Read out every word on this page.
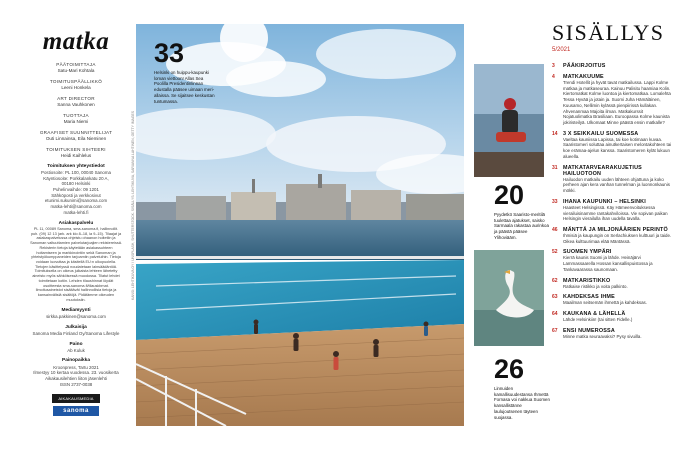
matka
PÄÄTOIMITTAJA
Satu-Mari Kohtala
TOIMITUSPÄÄLLIKKÖ
Leeni Honkela
ART DIRECTOR
Sanna Vauhkonen
TUOTTAJA
Maria Niemi
GRAAFISET SUUNNITTELIJAT
Outi Linnainsa, Eila Nieminen
TOIMITUKSEN SIHTEERI
Heidi Kaihlelus
Toimituksen yhteystiedot
Postiosoite: PL 100, 00040 Sanoma
Käyntiosoite: Porkkalankatu 20 A,
00180 Helsinki
Puhelinvaihde: 09 1201
Sähköposti ja verkkosivut
etunimi.sukunimi@sanoma.com
matka-lehti@sanoma.com
matka-lehti.fi
Asiakaspalvelu
PL 11, 00089 Sanoma, sma-sanoma.fi, hallinnollit. puh. (09) 12 13 (ark. ark klo 8–18, la 9–15). Tilaajat ja asiakaspalvelussa ohjeistu ohaanon hoitetiin ja Sanoman valtuuttamien palvelutarjoajien rekistereissä. Rekisterin tietoja käytetään asiakassuhteen hoitamiseen ja markkinointiin sekä Sanoman ja yhteistyökumppaneiden tarjoamiin palveluihin. Tietoja voidaan luovuttaa ja käsitellä EU:n ulkopuolella. Tietojen käsittelyssä noudatetaan lainsäädäntöä. Toimituksella on oikeus julkaista lehteen lähetetty aineisto myös sähköisessä muodossa. Tilatut lehdet toimitetaan kotiin. Lehden tilaushinnat löydät osoitteesta sma-sanoma.fi/tilauskbmat. Ilmoitusaineistot sisältävät hallinnollisia tietoja ja kansainvälisiä sisältöjä. Pidätämme oikeuden muutoksiin.
Mediamyynti
sirkka.pakkinen@sanoma.com
Julkaisija
Sanoma Media Finland Oy/Sanoma Lifestyle
Paino
Ab Kuluk
Painopaikka
Kroonpress, Tartu 2021
Ilmestyy 10 kertaa vuodessa. 23. vuosikerta
Aikakausilehtien liiton jäsenlehti
ISSN 2737-0038
AIKAKAUSMEDIA
sanoma
KANSI: LEHTIKUVA OY / UNSPLASH, SHUTTERSTOCK. SISÄLLYS: LEHTIKUVA, SARIANNA LAHTINEN, GETTY IMAGES
33
Helsinki on huippu-kaupunki loman viettoon! Allas Sea Poolilla Presidentinlinnan edustalla pääsee uimaan meri-allaissa. Se sijaitsee keskustan tuntumassa.
20
Pyydetkö Saaristo-meritilä tuulettaa ajatukset, saisko Sarmaala rakastaa aurinkoa ja päästä pääsee Ylihoviääm.
26
Linnuiden kamallisuudestansa Ihmettä Fornasa voi nakkua Suomen kansallistänne laulujoutsenen täyteen suojassa.
SISÄLLYS
5/2021
3	PÄÄKIRJOITUS
4	MATKAKUUME
Trendi Hotellit ja hyvät tavat matkailussa. Lappi Kolme matkaa ja matkaseuraa. Kainuu Palisitu haamiaa Kolin. Kiertomatkat Kolme luontoa ja kiertomatkaa. Lomalehta Tessa Hyvää ja jotain ja. Suomi Juha Hämäläinen, Kuusamo, Nellimin kylässä pienpiirissä kullakan. Ahvenanmaa Majoita ilman. Matkakurssit Nojatuolimatka Brasiliaan. Euroopassa Kolme kaunista jokiristeilyä. Ulkomaat Minne päästä ensin matkalle?
14 3 X SEIKKAILU SUOMESSA
Vaeltaa kauniissa Lapissa, tai koe kotimaan kuvaa. Saaristomeri soluttaa ainutkertaisen melontakohteen tai koe erämaa-ajelun kanssa. Saaristomeren kylät lukuun alueella.
31 MATKATARVEARAKUJETIUS HAILUOTOON
Hailuodon matkailu uuden lähteen ohjattuna ja koko perheen ajan kera vanhan tunnelman ja luonnonkaunis mökki.
33 IHANA KAUPUNKI – HELSINKI
Haasteet Helsingissä. Käy Hämeenvoituksessa vierailuisinamme rantakahviloissa. Vie sopivan paikan Helsingin vierailulla ihan uudella tavalla.
46 MÄNTTÄ JA MILJONÄÄRIEN PERINTÖ
Ihmisiä ja kaupungin on Serlachiuksen kulttuuri ja taide. Oikea kulttuurimaa elää Mäntässä.
52 SUOMEN YMPÄRI
Kierrä kaunis Suomi ja lähde. Heinäjärvi Lammassaarella Hossan kansallispuistossa ja Tankavaarassa saunomaan.
62 MATKARISTIKKO
Ratkaise ristikko ja voita palkinto.
63 KAHDEKSAS IHME
Maailman seitsemän ihmettä ja kahdeksas.
64 KAUKANA & LÄHELLÄ
Lähde Helsinkiin! (tai sitten Fidelle.)
67 ENSI NUMEROSSA
Minne matka seuraavaksi? Pysy sivuilla.
